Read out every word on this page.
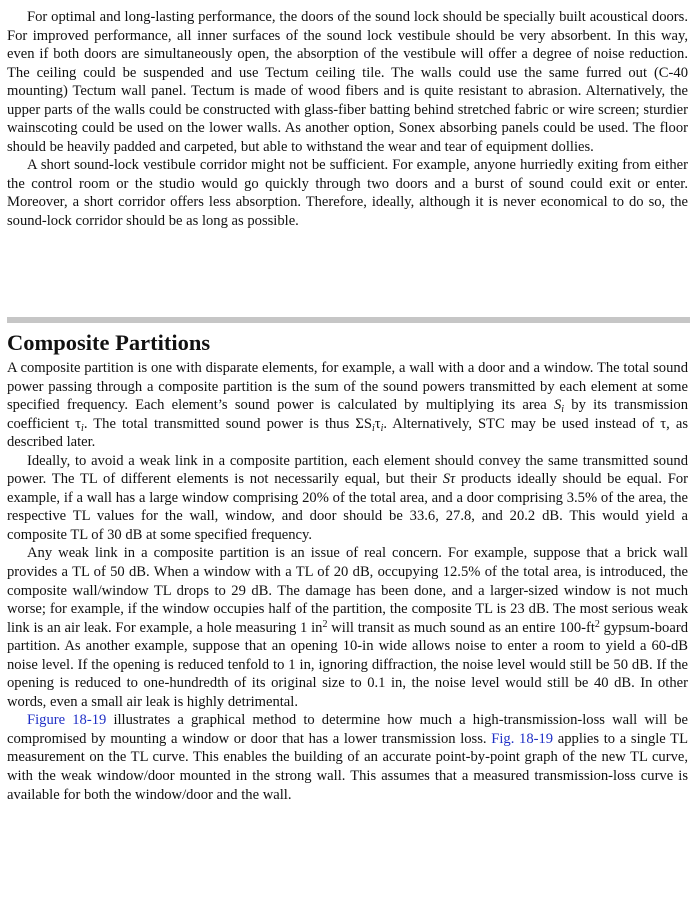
For optimal and long-lasting performance, the doors of the sound lock should be specially built acoustical doors. For improved performance, all inner surfaces of the sound lock vestibule should be very absorbent. In this way, even if both doors are simultaneously open, the absorption of the vestibule will offer a degree of noise reduction. The ceiling could be suspended and use Tectum ceiling tile. The walls could use the same furred out (C-40 mounting) Tectum wall panel. Tectum is made of wood fibers and is quite resistant to abrasion. Alternatively, the upper parts of the walls could be constructed with glass-fiber batting behind stretched fabric or wire screen; sturdier wainscoting could be used on the lower walls. As another option, Sonex absorbing panels could be used. The floor should be heavily padded and carpeted, but able to withstand the wear and tear of equipment dollies.

A short sound-lock vestibule corridor might not be sufficient. For example, anyone hurriedly exiting from either the control room or the studio would go quickly through two doors and a burst of sound could exit or enter. Moreover, a short corridor offers less absorption. Therefore, ideally, although it is never economical to do so, the sound-lock corridor should be as long as possible.

Composite Partitions

A composite partition is one with disparate elements, for example, a wall with a door and a window. The total sound power passing through a composite partition is the sum of the sound powers transmitted by each element at some specified frequency. Each element’s sound power is calculated by multiplying its area $S_i$ by its transmission coefficient $\tau_i$. The total transmitted sound power is thus $\Sigma S_i\tau_i$. Alternatively, STC may be used instead of τ, as described later.

Ideally, to avoid a weak link in a composite partition, each element should convey the same transmitted sound power. The TL of different elements is not necessarily equal, but their Sτ products ideally should be equal. For example, if a wall has a large window comprising 20% of the total area, and a door comprising 3.5% of the area, the respective TL values for the wall, window, and door should be 33.6, 27.8, and 20.2 dB. This would yield a composite TL of 30 dB at some specified frequency.

Any weak link in a composite partition is an issue of real concern. For example, suppose that a brick wall provides a TL of 50 dB. When a window with a TL of 20 dB, occupying 12.5% of the total area, is introduced, the composite wall/window TL drops to 29 dB. The damage has been done, and a larger-sized window is not much worse; for example, if the window occupies half of the partition, the composite TL is 23 dB. The most serious weak link is an air leak. For example, a hole measuring 1 $in^2$ will transit as much sound as an entire $100-ft^2$ gypsum-board partition. As another example, suppose that an opening 10-in wide allows noise to enter a room to yield a 60-dB noise level. If the opening is reduced tenfold to 1 in, ignoring diffraction, the noise level would still be 50 dB. If the opening is reduced to one-hundredth of its original size to 0.1 in, the noise level would still be 40 dB. In other words, even a small air leak is highly detrimental.

Figure 18-19 illustrates a graphical method to determine how much a high-transmission-loss wall will be compromised by mounting a window or door that has a lower transmission loss. Fig. 18-19 applies to a single TL measurement on the TL curve. This enables the building of an accurate point-by-point graph of the new TL curve, with the weak window/door mounted in the strong wall. This assumes that a measured transmission-loss curve is available for both the window/door and the wall.
